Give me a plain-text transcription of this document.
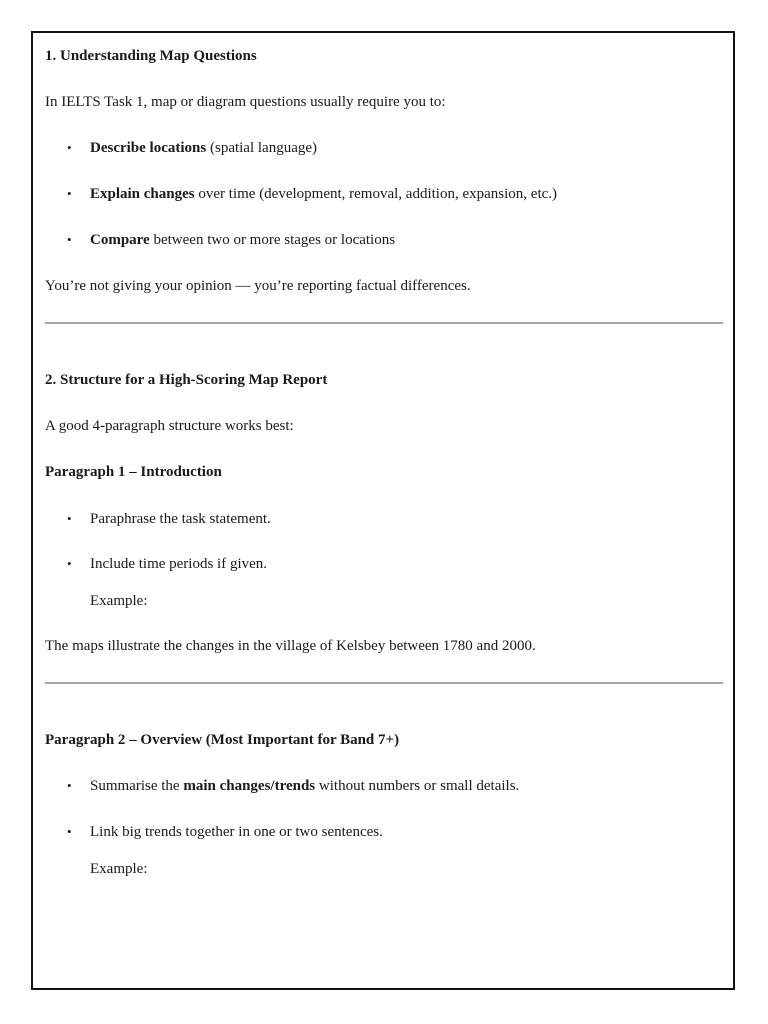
1. Understanding Map Questions
In IELTS Task 1, map or diagram questions usually require you to:
• Describe locations (spatial language)
• Explain changes over time (development, removal, addition, expansion, etc.)
• Compare between two or more stages or locations
You’re not giving your opinion — you’re reporting factual differences.
2. Structure for a High-Scoring Map Report
A good 4-paragraph structure works best:
Paragraph 1 – Introduction
• Paraphrase the task statement.
• Include time periods if given.
Example:
The maps illustrate the changes in the village of Kelsbey between 1780 and 2000.
Paragraph 2 – Overview (Most Important for Band 7+)
• Summarise the main changes/trends without numbers or small details.
• Link big trends together in one or two sentences.
Example:
